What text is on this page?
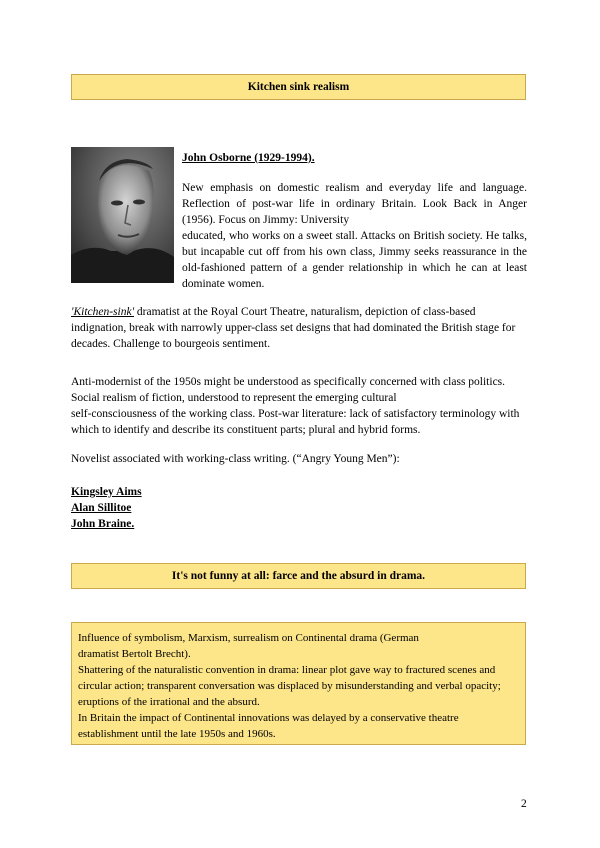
Kitchen sink realism
John Osborne (1929-1994).

New emphasis on domestic realism and everyday life and language. Reflection of post-war life in ordinary Britain. Look Back in Anger (1956). Focus on Jimmy: University

educated, who works on a sweet stall. Attacks on British society. He talks, but incapable cut off from his own class, Jimmy seeks reassurance in the old-fashioned pattern of a gender relationship in which he can at least dominate women.

'Kitchen-sink' dramatist at the Royal Court Theatre, naturalism, depiction of class-based indignation, break with narrowly upper-class set designs that had dominated the British stage for decades. Challenge to bourgeois sentiment.

Anti-modernist of the 1950s might be understood as specifically concerned with class politics. Social realism of fiction, understood to represent the emerging cultural
self-consciousness of the working class. Post-war literature: lack of satisfactory terminology with which to identify and describe its constituent parts; plural and hybrid forms.

Novelist associated with working-class writing. (“Angry Young Men”):

Kingsley Aims
Alan Sillitoe
John Braine.
It's not funny at all: farce and the absurd in drama.
Influence of symbolism, Marxism, surrealism on Continental drama (German
dramatist Bertolt Brecht).
Shattering of the naturalistic convention in drama: linear plot gave way to fractured scenes and circular action; transparent conversation was displaced by misunderstanding and verbal opacity; eruptions of the irrational and the absurd.
In Britain the impact of Continental innovations was delayed by a conservative theatre establishment until the late 1950s and 1960s.
2
